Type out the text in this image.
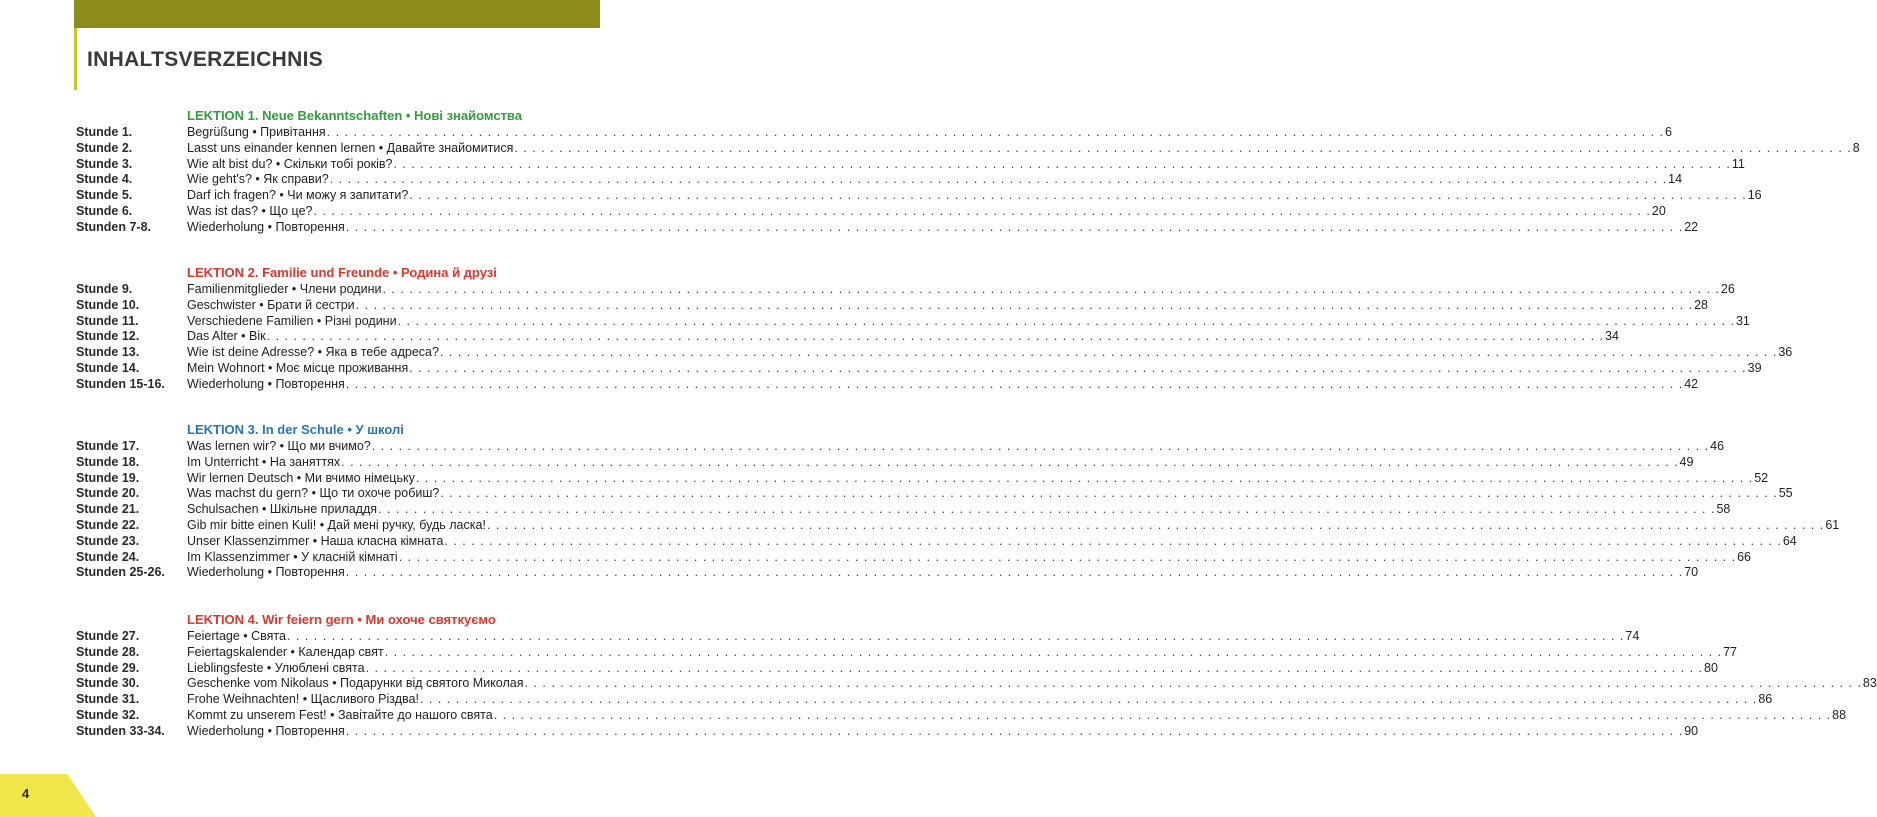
INHALTSVERZEICHNIS
LEKTION 1. Neue Bekanntschaften • Нові знайомства
Stunde 1.	Begrüßung • Привітання . . . . . . . . . . . . . . . . . . . . . . . . . . . . . . . . . . . . . . . . . . . . . . . . . . . . . . . . . . . . . . . . . . . . . . . . . . . . . . . . . . . . . . . . . . . . . . . . . . . . . . . . . . . . . . . . . . . . . . . . . . . . . . . . . . . . . . . . . . . . . . . . . . . . . . 6
Stunde 2.	Lasst uns einander kennen lernen • Давайте знайомитися . . . . . . . . . . . . . . . . . . . . . . . . . . . . . . . . . . . . . . . . . . . . . . . . . . . . . . . . . . . . . . . . . . . . . . . . . . . . . . . . . . . . . . . . . . . . . . . . . . . . . . . . . . . . . . . . . . . . . . . . . . . . . . . . . . . . . . . . . . . . . . . . . . . . . . 8
Stunde 3.	Wie alt bist du? • Скільки тобі років? . . . . . . . . . . . . . . . . . . . . . . . . . . . . . . . . . . . . . . . . . . . . . . . . . . . . . . . . . . . . . . . . . . . . . . . . . . . . . . . . . . . . . . . . . . . . . . . . . . . . . . . . . . . . . . . . . . . . . . . . . . . . . . . . . . . . . . . . . . . . . . . . . . . . . . 11
Stunde 4.	Wie geht's? • Як справи? . . . . . . . . . . . . . . . . . . . . . . . . . . . . . . . . . . . . . . . . . . . . . . . . . . . . . . . . . . . . . . . . . . . . . . . . . . . . . . . . . . . . . . . . . . . . . . . . . . . . . . . . . . . . . . . . . . . . . . . . . . . . . . . . . . . . . . . . . . . . . . . . . . . . . . 14
Stunde 5.	Darf ich fragen? • Чи можу я запитати? . . . . . . . . . . . . . . . . . . . . . . . . . . . . . . . . . . . . . . . . . . . . . . . . . . . . . . . . . . . . . . . . . . . . . . . . . . . . . . . . . . . . . . . . . . . . . . . . . . . . . . . . . . . . . . . . . . . . . . . . . . . . . . . . . . . . . . . . . . . . . . . . . . . . . . 16
Stunde 6.	Was ist das? • Що це? . . . . . . . . . . . . . . . . . . . . . . . . . . . . . . . . . . . . . . . . . . . . . . . . . . . . . . . . . . . . . . . . . . . . . . . . . . . . . . . . . . . . . . . . . . . . . . . . . . . . . . . . . . . . . . . . . . . . . . . . . . . . . . . . . . . . . . . . . . . . . . . . . . . . . . 20
Stunden 7-8.	Wiederholung • Повторення . . . . . . . . . . . . . . . . . . . . . . . . . . . . . . . . . . . . . . . . . . . . . . . . . . . . . . . . . . . . . . . . . . . . . . . . . . . . . . . . . . . . . . . . . . . . . . . . . . . . . . . . . . . . . . . . . . . . . . . . . . . . . . . . . . . . . . . . . . . . . . . . . . . . . . 22
LEKTION 2. Familie und Freunde • Родина й друзі
Stunde 9.	Familienmitglieder • Члени родини . . . . . . . . . . . . . . . . . . . . . . . . . . . . . . . . . . . . . . . . . . . . . . . . . . . . . . . . . . . . . . . . . . . . . . . . . . . . . . . . . . . . . . . . . . . . . . . . . . . . . . . . . . . . . . . . . . . . . . . . . . . . . . . . . . . . . . . . . . . . . . . . . . . . . . 26
Stunde 10.	Geschwister • Брати й сестри . . . . . . . . . . . . . . . . . . . . . . . . . . . . . . . . . . . . . . . . . . . . . . . . . . . . . . . . . . . . . . . . . . . . . . . . . . . . . . . . . . . . . . . . . . . . . . . . . . . . . . . . . . . . . . . . . . . . . . . . . . . . . . . . . . . . . . . . . . . . . . . . . . . . . . 28
Stunde 11.	Verschiedene Familien • Різні родини . . . . . . . . . . . . . . . . . . . . . . . . . . . . . . . . . . . . . . . . . . . . . . . . . . . . . . . . . . . . . . . . . . . . . . . . . . . . . . . . . . . . . . . . . . . . . . . . . . . . . . . . . . . . . . . . . . . . . . . . . . . . . . . . . . . . . . . . . . . . . . . . . . . . . . 31
Stunde 12.	Das Alter • Вік . . . . . . . . . . . . . . . . . . . . . . . . . . . . . . . . . . . . . . . . . . . . . . . . . . . . . . . . . . . . . . . . . . . . . . . . . . . . . . . . . . . . . . . . . . . . . . . . . . . . . . . . . . . . . . . . . . . . . . . . . . . . . . . . . . . . . . . . . . . . . . . . . . . . . . 34
Stunde 13.	Wie ist deine Adresse? • Яка в тебе адреса? . . . . . . . . . . . . . . . . . . . . . . . . . . . . . . . . . . . . . . . . . . . . . . . . . . . . . . . . . . . . . . . . . . . . . . . . . . . . . . . . . . . . . . . . . . . . . . . . . . . . . . . . . . . . . . . . . . . . . . . . . . . . . . . . . . . . . . . . . . . . . . . . . . . . . . 36
Stunde 14.	Mein Wohnort • Моє місце проживання . . . . . . . . . . . . . . . . . . . . . . . . . . . . . . . . . . . . . . . . . . . . . . . . . . . . . . . . . . . . . . . . . . . . . . . . . . . . . . . . . . . . . . . . . . . . . . . . . . . . . . . . . . . . . . . . . . . . . . . . . . . . . . . . . . . . . . . . . . . . . . . . . . . . . . 39
Stunden 15-16. Wiederholung • Повторення . . . . . . . . . . . . . . . . . . . . . . . . . . . . . . . . . . . . . . . . . . . . . . . . . . . . . . . . . . . . . . . . . . . . . . . . . . . . . . . . . . . . . . . . . . . . . . . . . . . . . . . . . . . . . . . . . . . . . . . . . . . . . . . . . . . . . . . . . . . . . . . . . . . . . . 42
LEKTION 3. In der Schule • У школі
Stunde 17.	Was lernen wir? • Що ми вчимо? . . . . . . . . . . . . . . . . . . . . . . . . . . . . . . . . . . . . . . . . . . . . . . . . . . . . . . . . . . . . . . . . . . . . . . . . . . . . . . . . . . . . . . . . . . . . . . . . . . . . . . . . . . . . . . . . . . . . . . . . . . . . . . . . . . . . . . . . . . . . . . . . . . . . . . 46
Stunde 18.	Im Unterricht • На заняттях . . . . . . . . . . . . . . . . . . . . . . . . . . . . . . . . . . . . . . . . . . . . . . . . . . . . . . . . . . . . . . . . . . . . . . . . . . . . . . . . . . . . . . . . . . . . . . . . . . . . . . . . . . . . . . . . . . . . . . . . . . . . . . . . . . . . . . . . . . . . . . . . . . . . . . 49
Stunde 19.	Wir lernen Deutsch • Ми вчимо німецьку . . . . . . . . . . . . . . . . . . . . . . . . . . . . . . . . . . . . . . . . . . . . . . . . . . . . . . . . . . . . . . . . . . . . . . . . . . . . . . . . . . . . . . . . . . . . . . . . . . . . . . . . . . . . . . . . . . . . . . . . . . . . . . . . . . . . . . . . . . . . . . . . . . . . . . 52
Stunde 20.	Was machst du gern? • Що ти охоче робиш? . . . . . . . . . . . . . . . . . . . . . . . . . . . . . . . . . . . . . . . . . . . . . . . . . . . . . . . . . . . . . . . . . . . . . . . . . . . . . . . . . . . . . . . . . . . . . . . . . . . . . . . . . . . . . . . . . . . . . . . . . . . . . . . . . . . . . . . . . . . . . . . . . . . . . . 55
Stunde 21.	Schulsachen • Шкільне приладдя . . . . . . . . . . . . . . . . . . . . . . . . . . . . . . . . . . . . . . . . . . . . . . . . . . . . . . . . . . . . . . . . . . . . . . . . . . . . . . . . . . . . . . . . . . . . . . . . . . . . . . . . . . . . . . . . . . . . . . . . . . . . . . . . . . . . . . . . . . . . . . . . . . . . . . 58
Stunde 22.	Gib mir bitte einen Kuli! • Дай мені ручку, будь ласка! . . . . . . . . . . . . . . . . . . . . . . . . . . . . . . . . . . . . . . . . . . . . . . . . . . . . . . . . . . . . . . . . . . . . . . . . . . . . . . . . . . . . . . . . . . . . . . . . . . . . . . . . . . . . . . . . . . . . . . . . . . . . . . . . . . . . . . . . . . . . . . . . . . . . . . 61
Stunde 23.	Unser Klassenzimmer • Наша класна кімната . . . . . . . . . . . . . . . . . . . . . . . . . . . . . . . . . . . . . . . . . . . . . . . . . . . . . . . . . . . . . . . . . . . . . . . . . . . . . . . . . . . . . . . . . . . . . . . . . . . . . . . . . . . . . . . . . . . . . . . . . . . . . . . . . . . . . . . . . . . . . . . . . . . . . . 64
Stunde 24.	Im Klassenzimmer • У класній кімнаті . . . . . . . . . . . . . . . . . . . . . . . . . . . . . . . . . . . . . . . . . . . . . . . . . . . . . . . . . . . . . . . . . . . . . . . . . . . . . . . . . . . . . . . . . . . . . . . . . . . . . . . . . . . . . . . . . . . . . . . . . . . . . . . . . . . . . . . . . . . . . . . . . . . . . . 66
Stunden 25-26. Wiederholung • Повторення . . . . . . . . . . . . . . . . . . . . . . . . . . . . . . . . . . . . . . . . . . . . . . . . . . . . . . . . . . . . . . . . . . . . . . . . . . . . . . . . . . . . . . . . . . . . . . . . . . . . . . . . . . . . . . . . . . . . . . . . . . . . . . . . . . . . . . . . . . . . . . . . . . . . . . 70
LEKTION 4. Wir feiern gern • Ми охоче святкуємо
Stunde 27.	Feiertage • Свята . . . . . . . . . . . . . . . . . . . . . . . . . . . . . . . . . . . . . . . . . . . . . . . . . . . . . . . . . . . . . . . . . . . . . . . . . . . . . . . . . . . . . . . . . . . . . . . . . . . . . . . . . . . . . . . . . . . . . . . . . . . . . . . . . . . . . . . . . . . . . . . . . . . . . . 74
Stunde 28.	Feiertagskalender • Календар свят . . . . . . . . . . . . . . . . . . . . . . . . . . . . . . . . . . . . . . . . . . . . . . . . . . . . . . . . . . . . . . . . . . . . . . . . . . . . . . . . . . . . . . . . . . . . . . . . . . . . . . . . . . . . . . . . . . . . . . . . . . . . . . . . . . . . . . . . . . . . . . . . . . . . . . 77
Stunde 29.	Lieblingsfeste • Улюблені свята . . . . . . . . . . . . . . . . . . . . . . . . . . . . . . . . . . . . . . . . . . . . . . . . . . . . . . . . . . . . . . . . . . . . . . . . . . . . . . . . . . . . . . . . . . . . . . . . . . . . . . . . . . . . . . . . . . . . . . . . . . . . . . . . . . . . . . . . . . . . . . . . . . . . . . 80
Stunde 30.	Geschenke vom Nikolaus • Подарунки від святого Миколая . . . . . . . . . . . . . . . . . . . . . . . . . . . . . . . . . . . . . . . . . . . . . . . . . . . . . . . . . . . . . . . . . . . . . . . . . . . . . . . . . . . . . . . . . . . . . . . . . . . . . . . . . . . . . . . . . . . . . . . . . . . . . . . . . . . . . . . . . . . . . . . . . . . . . . 83
Stunde 31.	Frohe Weihnachten! • Щасливого Різдва! . . . . . . . . . . . . . . . . . . . . . . . . . . . . . . . . . . . . . . . . . . . . . . . . . . . . . . . . . . . . . . . . . . . . . . . . . . . . . . . . . . . . . . . . . . . . . . . . . . . . . . . . . . . . . . . . . . . . . . . . . . . . . . . . . . . . . . . . . . . . . . . . . . . . . . 86
Stunde 32.	Kommt zu unserem Fest! • Завітайте до нашого свята . . . . . . . . . . . . . . . . . . . . . . . . . . . . . . . . . . . . . . . . . . . . . . . . . . . . . . . . . . . . . . . . . . . . . . . . . . . . . . . . . . . . . . . . . . . . . . . . . . . . . . . . . . . . . . . . . . . . . . . . . . . . . . . . . . . . . . . . . . . . . . . . . . . . . . 88
Stunden 33-34. Wiederholung • Повторення . . . . . . . . . . . . . . . . . . . . . . . . . . . . . . . . . . . . . . . . . . . . . . . . . . . . . . . . . . . . . . . . . . . . . . . . . . . . . . . . . . . . . . . . . . . . . . . . . . . . . . . . . . . . . . . . . . . . . . . . . . . . . . . . . . . . . . . . . . . . . . . . . . . . . . 90
4
